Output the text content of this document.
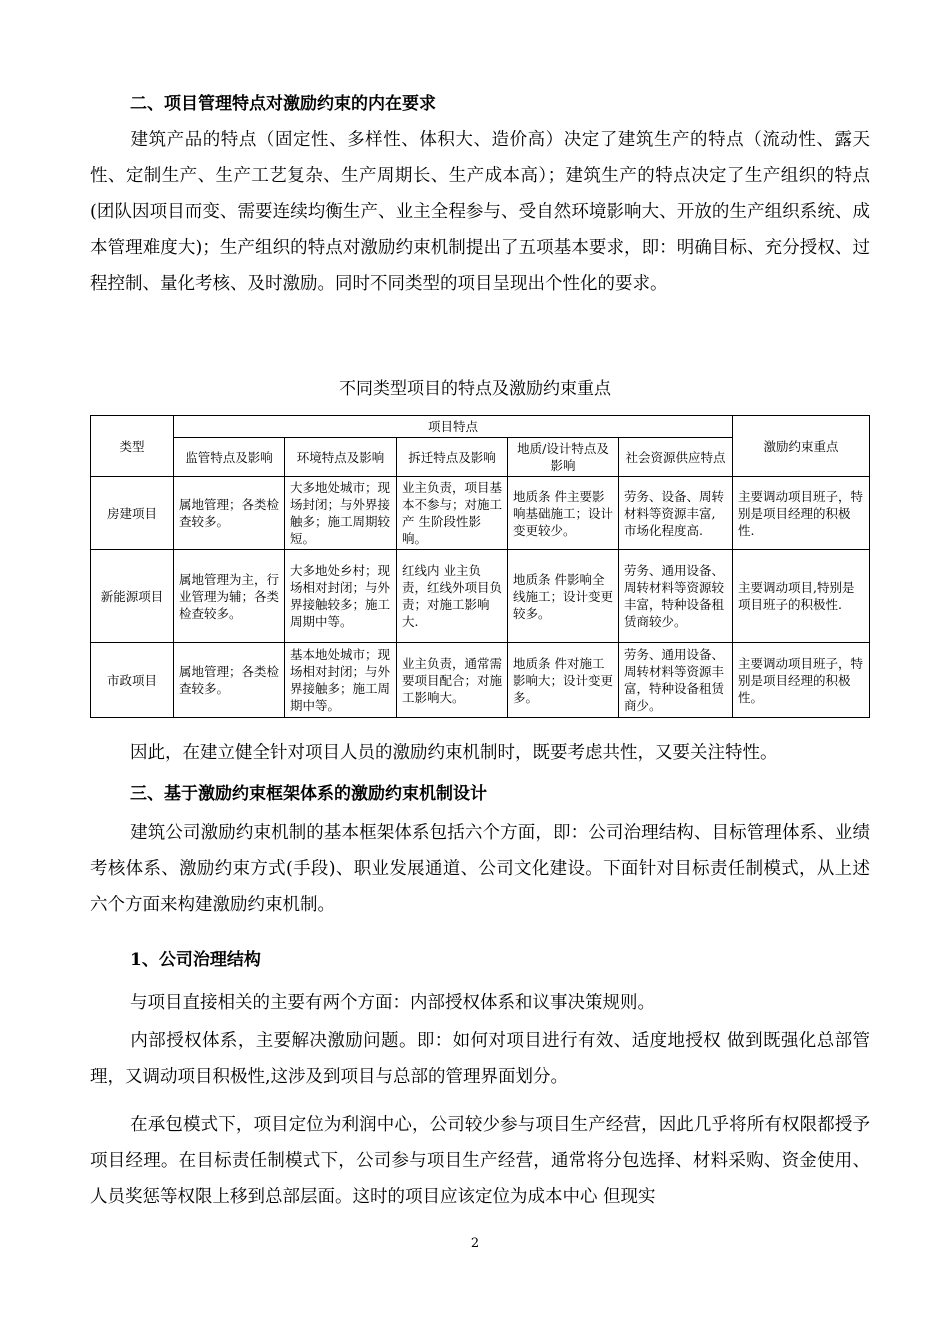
二、项目管理特点对激励约束的内在要求
建筑产品的特点（固定性、多样性、体积大、造价高）决定了建筑生产的特点（流动性、露天性、定制生产、生产工艺复杂、生产周期长、生产成本高）；建筑生产的特点决定了生产组织的特点(团队因项目而变、需要连续均衡生产、业主全程参与、受自然环境影响大、开放的生产组织系统、成本管理难度大)；生产组织的特点对激励约束机制提出了五项基本要求，即：明确目标、充分授权、过程控制、量化考核、及时激励。同时不同类型的项目呈现出个性化的要求。
不同类型项目的特点及激励约束重点
类型	项目特点					激励约束重点
	监管特点及影响	环境特点及影响	拆迁特点及影响	地质/设计特点及影响	社会资源供应特点	
房建项目	属地管理；各类检查较多。	大多地处城市；现场封闭；与外界接触多；施工周期较短。	业主负责，项目基本不参与；对施工产 生阶段性影响。	地质条 件主要影响基础施工；设计变更较少。	劳务、设备、周转材料等资源丰富,市场化程度高.	主要调动项目班子，特别是项目经理的积极性.
新能源项目	属地管理为主，行业管理为辅；各类检查较多。	大多地处乡村；现场相对封闭；与外界接触较多；施工周期中等。	红线内 业主负责，红线外项目负责；对施工影响大.	地质条 件影响全线施工；设计变更较多。	劳务、通用设备、周转材料等资源较丰富，特种设备租赁商较少。	主要调动项目,特别是项目班子的积极性.
市政项目	属地管理；各类检查较多。	基本地处城市；现场相对封闭；与外界接触多；施工周期中等。	业主负责，通常需要项目配合；对施工影响大。	地质条 件对施工影响大；设计变更多。	劳务、通用设备、周转材料等资源丰富，特种设备租赁商少。	主要调动项目班子，特别是项目经理的积极性。
因此，在建立健全针对项目人员的激励约束机制时，既要考虑共性，又要关注特性。
三、基于激励约束框架体系的激励约束机制设计
建筑公司激励约束机制的基本框架体系包括六个方面，即：公司治理结构、目标管理体系、业绩考核体系、激励约束方式(手段)、职业发展通道、公司文化建设。下面针对目标责任制模式，从上述六个方面来构建激励约束机制。
1、公司治理结构
与项目直接相关的主要有两个方面：内部授权体系和议事决策规则。
内部授权体系，主要解决激励问题。即：如何对项目进行有效、适度地授权 做到既强化总部管理，又调动项目积极性,这涉及到项目与总部的管理界面划分。
在承包模式下，项目定位为利润中心，公司较少参与项目生产经营，因此几乎将所有权限都授予项目经理。在目标责任制模式下，公司参与项目生产经营，通常将分包选择、材料采购、资金使用、人员奖惩等权限上移到总部层面。这时的项目应该定位为成本中心 但现实
2
